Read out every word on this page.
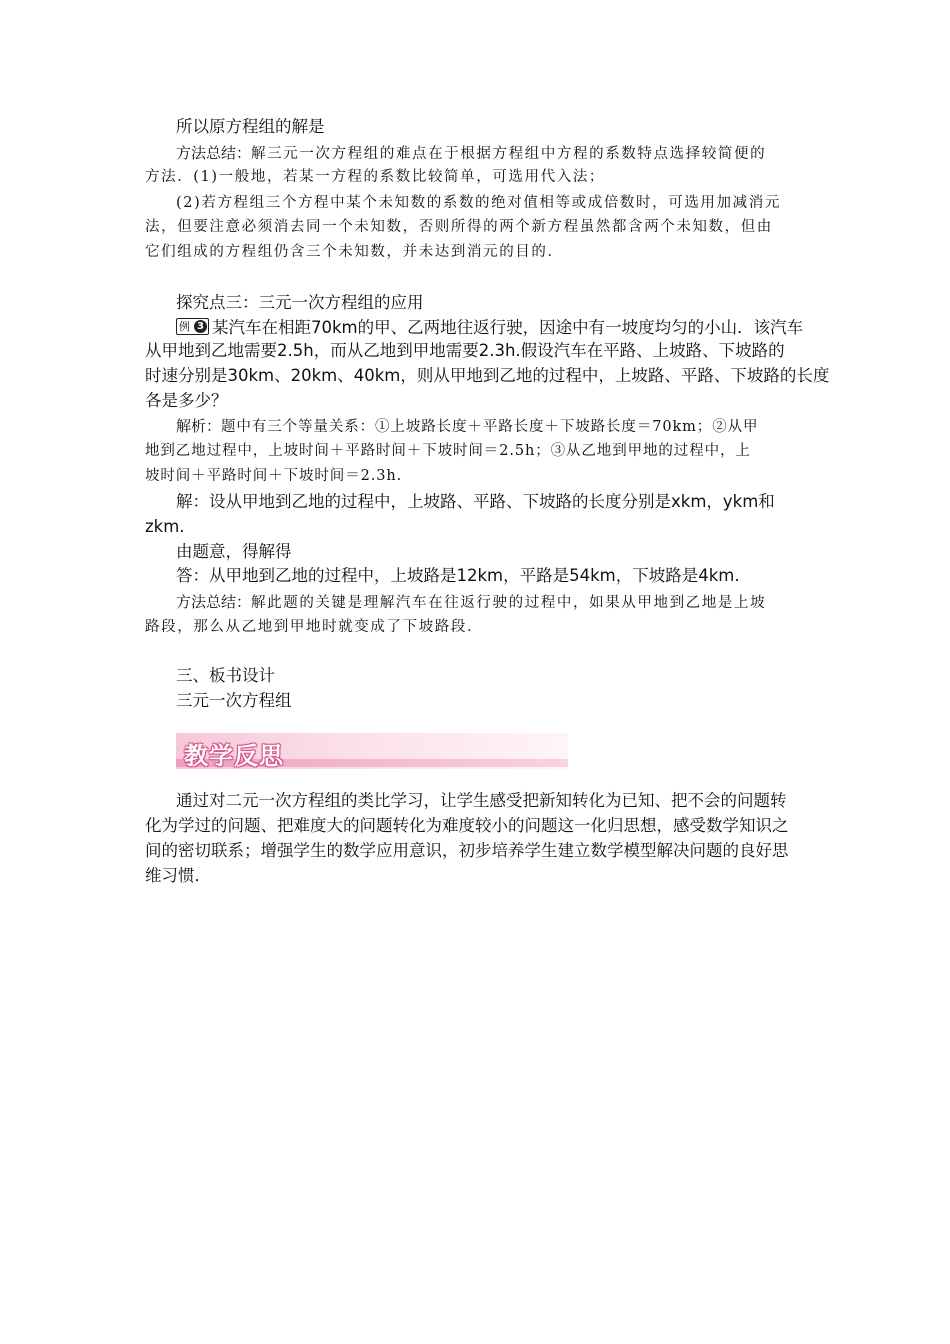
所以原方程组的解是
方法总结：解三元一次方程组的难点在于根据方程组中方程的系数特点选择较简便的
方法．(1)一般地，若某一方程的系数比较简单，可选用代入法；
(2)若方程组三个方程中某个未知数的系数的绝对值相等或成倍数时，可选用加减消元
法，但要注意必须消去同一个未知数，否则所得的两个新方程虽然都含两个未知数，但由
它们组成的方程组仍含三个未知数，并未达到消元的目的．
探究点三：三元一次方程组的应用
例 3 某汽车在相距70km的甲、乙两地往返行驶，因途中有一坡度均匀的小山．该汽车
从甲地到乙地需要2.5h，而从乙地到甲地需要2.3h.假设汽车在平路、上坡路、下坡路的
时速分别是30km、20km、40km，则从甲地到乙地的过程中，上坡路、平路、下坡路的长度
各是多少？
解析：题中有三个等量关系：①上坡路长度＋平路长度＋下坡路长度＝70km；②从甲
地到乙地过程中，上坡时间＋平路时间＋下坡时间＝2.5h；③从乙地到甲地的过程中，上
坡时间＋平路时间＋下坡时间＝2.3h.
解：设从甲地到乙地的过程中，上坡路、平路、下坡路的长度分别是xkm，ykm和
zkm.
由题意，得解得
答：从甲地到乙地的过程中，上坡路是12km，平路是54km，下坡路是4km.
方法总结：解此题的关键是理解汽车在往返行驶的过程中，如果从甲地到乙地是上坡
路段，那么从乙地到甲地时就变成了下坡路段．
三、板书设计
三元一次方程组
教学反思
通过对二元一次方程组的类比学习，让学生感受把新知转化为已知、把不会的问题转
化为学过的问题、把难度大的问题转化为难度较小的问题这一化归思想，感受数学知识之
间的密切联系；增强学生的数学应用意识，初步培养学生建立数学模型解决问题的良好思
维习惯．
